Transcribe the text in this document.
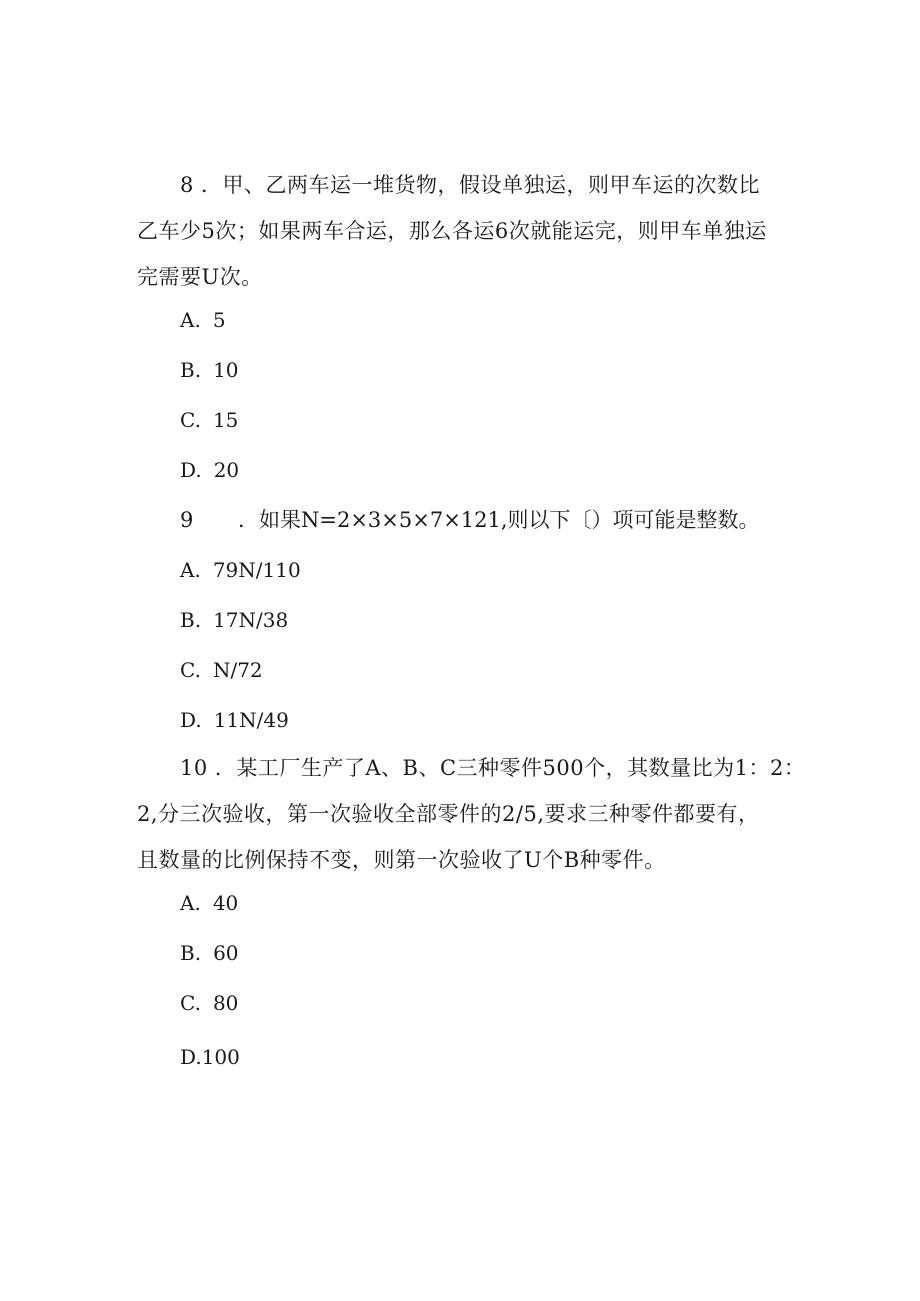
8 ．甲、乙两车运一堆货物，假设单独运，则甲车运的次数比
乙车少5次；如果两车合运，那么各运6次就能运完，则甲车单独运
完需要U次。
A. 5
B. 10
C. 15
D. 20
9 ．如果N=2×3×5×7×121,则以下〔）项可能是整数。
A. 79N/110
B. 17N/38
C. N/72
D. 11N/49
10 ．某工厂生产了A、B、C三种零件500个，其数量比为1：2：
2,分三次验收，第一次验收全部零件的2/5,要求三种零件都要有，
且数量的比例保持不变，则第一次验收了U个B种零件。
A. 40
B. 60
C. 80
D.100
